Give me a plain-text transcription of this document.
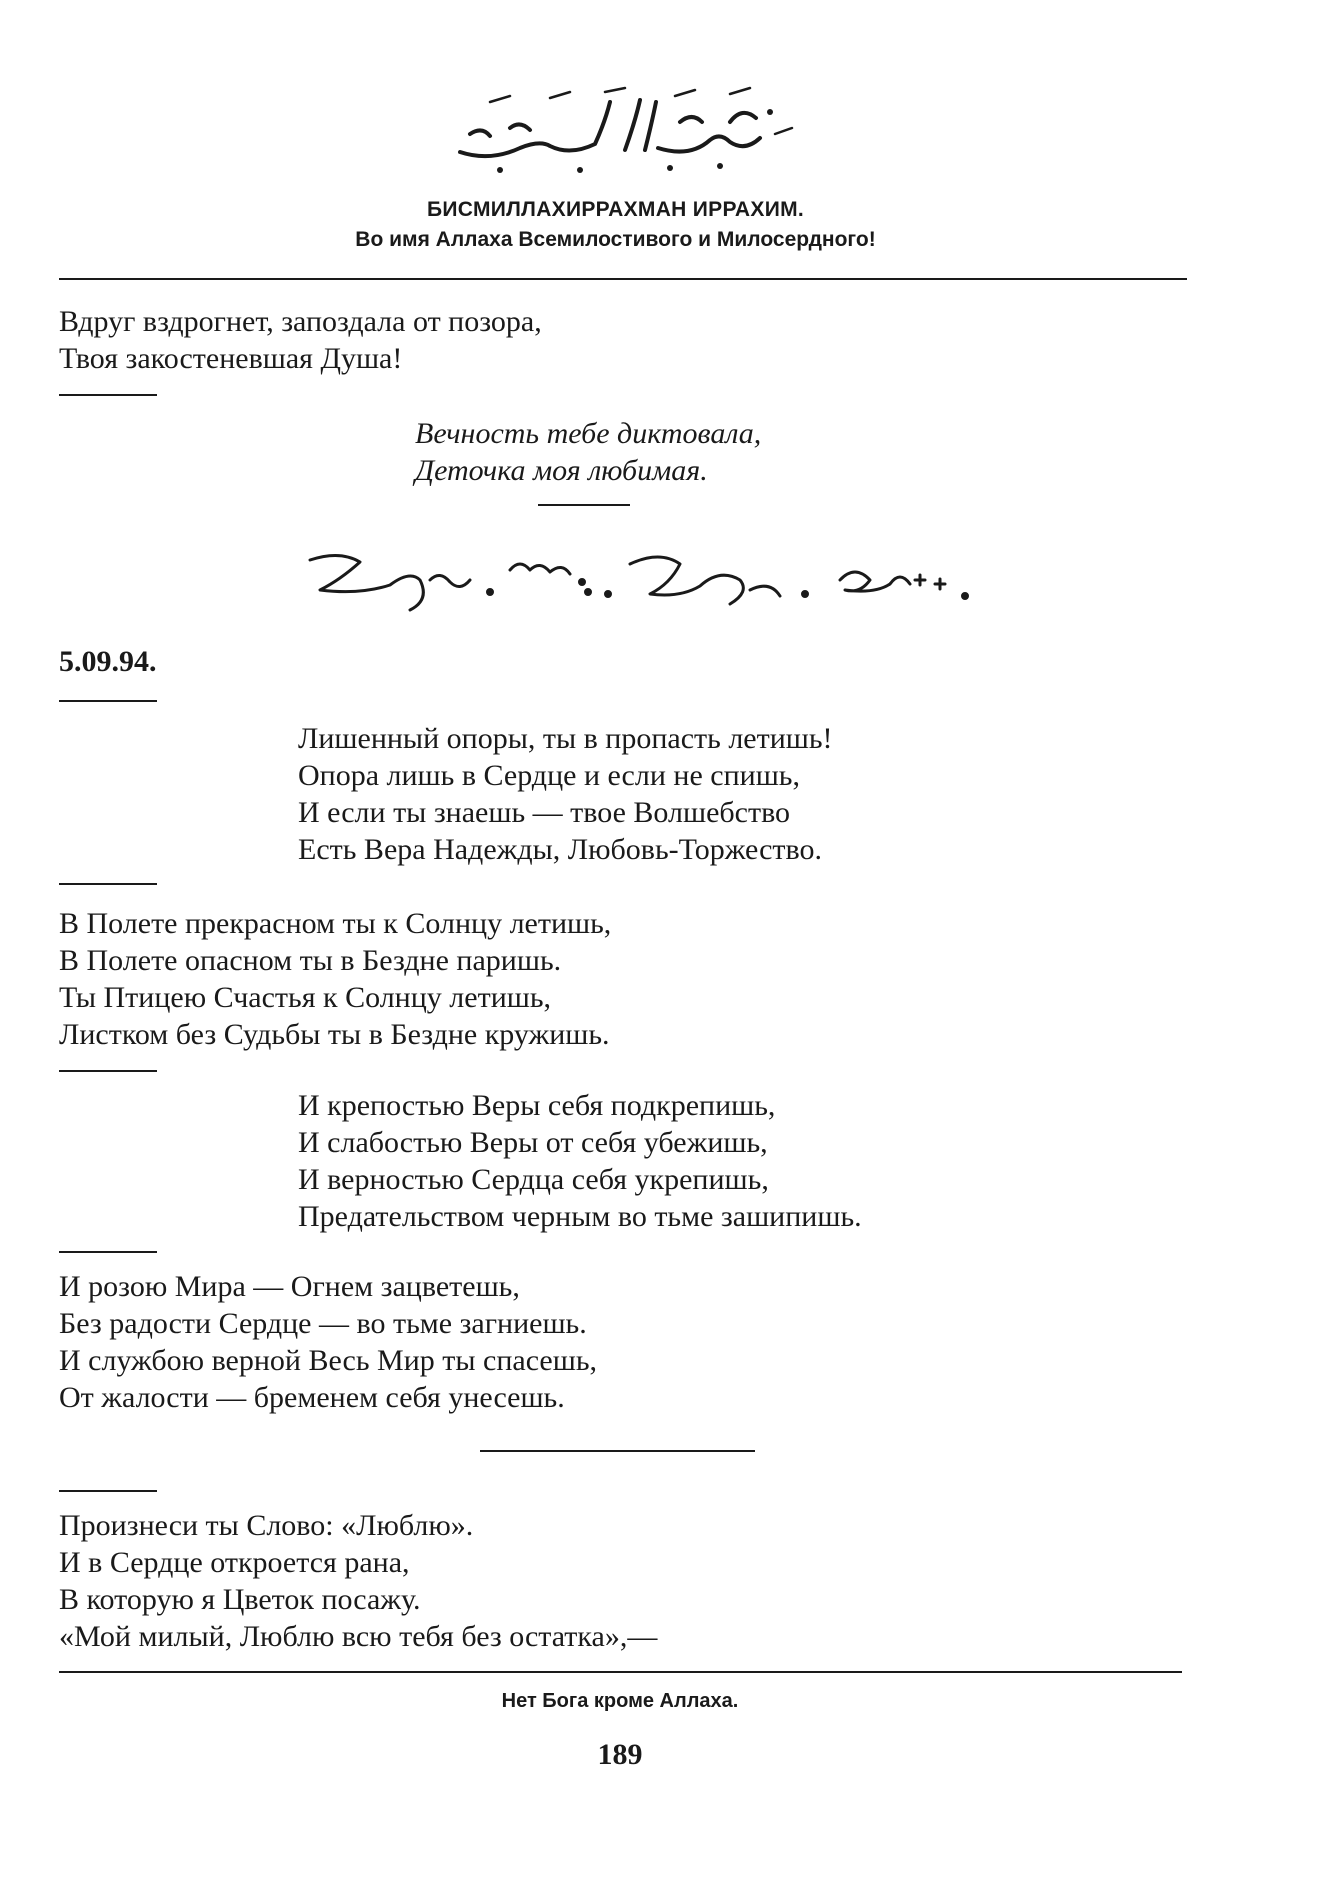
БИСМИЛЛАХИРРАХМАН ИРРАХИМ.
Во имя Аллаха Всемилостивого и Милосердного!
Вдруг вздрогнет, запоздала от позора,
Твоя закостеневшая Душа!
Вечность тебе диктовала,
Деточка моя любимая.
5.09.94.
Лишенный опоры, ты в пропасть летишь!
Опора лишь в Сердце и если не спишь,
И если ты знаешь — твое Волшебство
Есть Вера Надежды, Любовь-Торжество.
В Полете прекрасном ты к Солнцу летишь,
В Полете опасном ты в Бездне паришь.
Ты Птицею Счастья к Солнцу летишь,
Листком без Судьбы ты в Бездне кружишь.
И крепостью Веры себя подкрепишь,
И слабостью Веры от себя убежишь,
И верностью Сердца себя укрепишь,
Предательством черным во тьме зашипишь.
И розою Мира — Огнем зацветешь,
Без радости Сердце — во тьме загниешь.
И службою верной Весь Мир ты спасешь,
От жалости — бременем себя унесешь.
Произнеси ты Слово: «Люблю».
И в Сердце откроется рана,
В которую я Цветок посажу.
«Мой милый, Люблю всю тебя без остатка»,—
Нет Бога кроме Аллаха.
189
